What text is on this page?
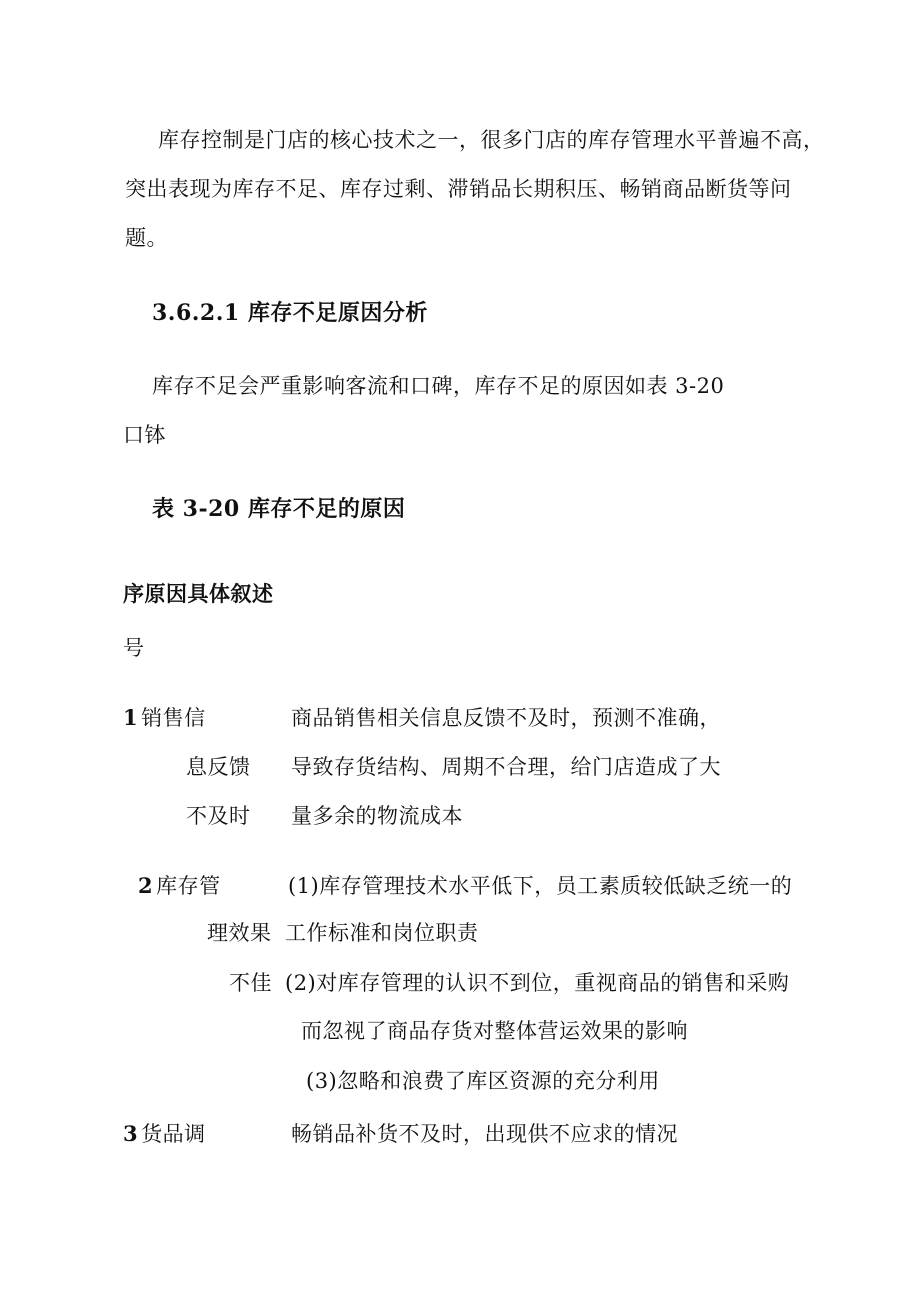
库存控制是门店的核心技术之一，很多门店的库存管理水平普遍不高，
突出表现为库存不足、库存过剩、滞销品长期积压、畅销商品断货等问
题。
3.6.2.1 库存不足原因分析
库存不足会严重影响客流和口碑，库存不足的原因如表 3-20
口钵
表 3-20 库存不足的原因
序原因具体叙述
号
1 销售信
息反馈
不及时
商品销售相关信息反馈不及时，预测不准确，
导致存货结构、周期不合理，给门店造成了大
量多余的物流成本
2 库存管
理效果
不佳
(1)库存管理技术水平低下，员工素质较低缺乏统一的
工作标准和岗位职责
(2)对库存管理的认识不到位，重视商品的销售和采购
而忽视了商品存货对整体营运效果的影响
(3)忽略和浪费了库区资源的充分利用
3 货品调	畅销品补货不及时，出现供不应求的情况
